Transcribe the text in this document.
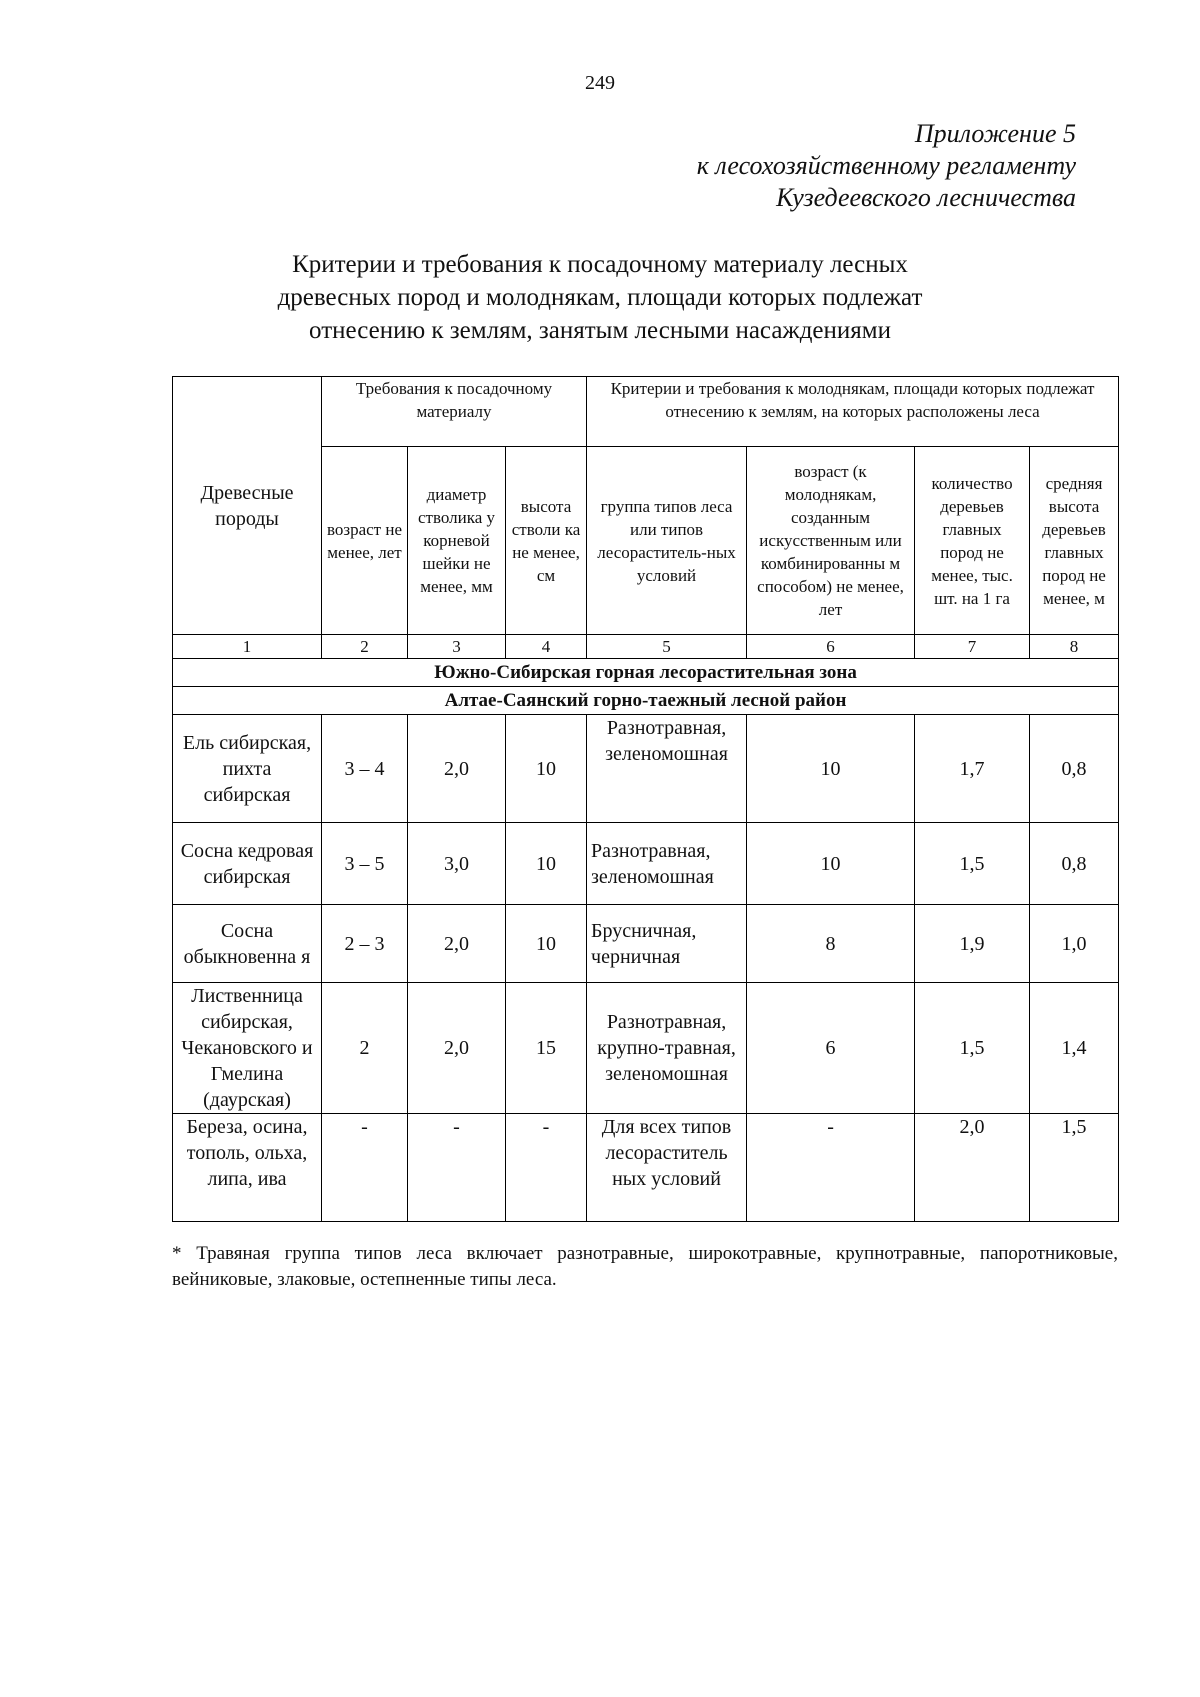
249
Приложение 5
к лесохозяйственному регламенту
Кузедеевского лесничества
Критерии и требования к посадочному материалу лесных
древесных пород и молоднякам, площади которых подлежат
отнесению к землям, занятым лесными насаждениями
Древесные породы	Требования к посадочному материалу			Критерии и требования к молоднякам, площади которых подлежат отнесению к землям, на которых расположены леса			
	возраст не менее, лет	диаметр стволика у корневой шейки не менее, мм	высота стволи ка не менее, см	группа типов леса или типов лесораститель-ных условий	возраст (к молоднякам, созданным искусственным или комбинированны м способом) не менее, лет	количество деревьев главных пород не менее, тыс. шт. на 1 га	средняя высота деревьев главных пород не менее, м
1	2	3	4	5	6	7	8
Южно-Сибирская горная лесорастительная зона							
Алтае-Саянский горно-таежный лесной район							
Ель сибирская, пихта сибирская	3 – 4	2,0	10	Разнотравная, зеленомошная	10	1,7	0,8
Сосна кедровая сибирская	3 – 5	3,0	10	Разнотравная, зеленомошная	10	1,5	0,8
Сосна обыкновенна я	2 – 3	2,0	10	Брусничная, черничная	8	1,9	1,0
Лиственница сибирская, Чекановского и Гмелина (даурская)	2	2,0	15	Разнотравная, крупно-травная, зеленомошная	6	1,5	1,4
Береза, осина, тополь, ольха, липа, ива	-	-	-	Для всех типов лесораститель ных условий	-	2,0	1,5
* Травяная группа типов леса включает разнотравные, широкотравные, крупнотравные, папоротниковые, вейниковые, злаковые, остепненные типы леса.
